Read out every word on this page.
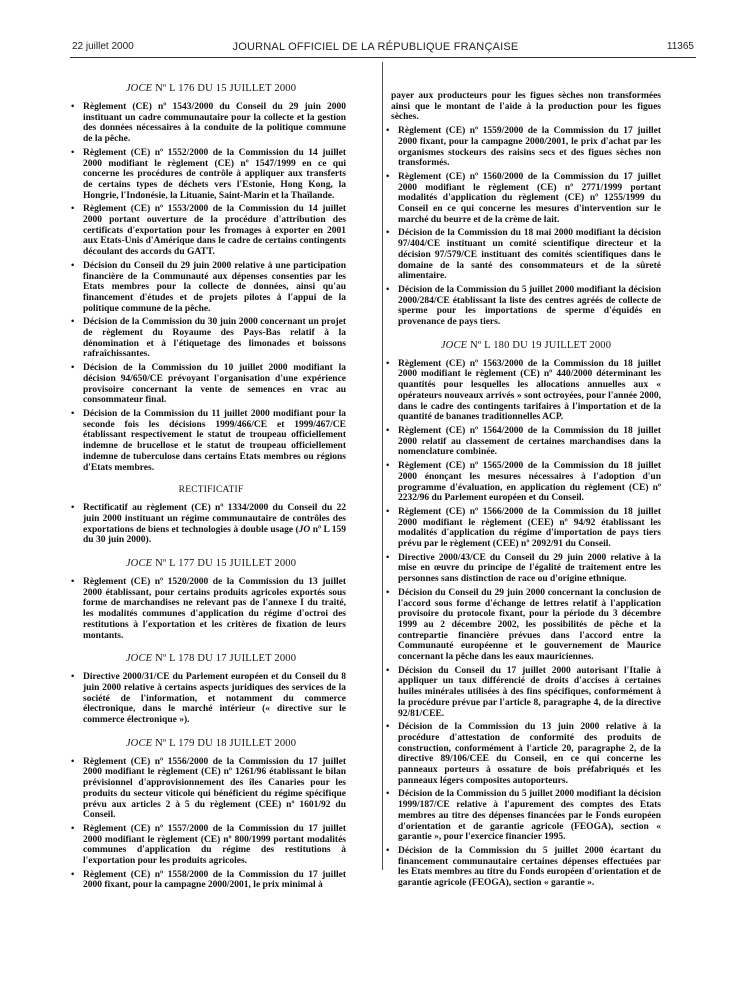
22 juillet 2000	JOURNAL OFFICIEL DE LA RÉPUBLIQUE FRANÇAISE	11365
JOCE Nº L 176 DU 15 JUILLET 2000
• Règlement (CE) nº 1543/2000 du Conseil du 29 juin 2000 instituant un cadre communautaire pour la collecte et la gestion des données nécessaires à la conduite de la politique commune de la pêche.
• Règlement (CE) nº 1552/2000 de la Commission du 14 juillet 2000 modifiant le règlement (CE) nº 1547/1999 en ce qui concerne les procédures de contrôle à appliquer aux transferts de certains types de déchets vers l'Estonie, Hong Kong, la Hongrie, l'Indonésie, la Lituanie, Saint-Marin et la Thaïlande.
• Règlement (CE) nº 1553/2000 de la Commission du 14 juillet 2000 portant ouverture de la procédure d'attribution des certificats d'exportation pour les fromages à exporter en 2001 aux Etats-Unis d'Amérique dans le cadre de certains contingents découlant des accords du GATT.
• Décision du Conseil du 29 juin 2000 relative à une participation financière de la Communauté aux dépenses consenties par les Etats membres pour la collecte de données, ainsi qu'au financement d'études et de projets pilotes à l'appui de la politique commune de la pêche.
• Décision de la Commission du 30 juin 2000 concernant un projet de règlement du Royaume des Pays-Bas relatif à la dénomination et à l'étiquetage des limonades et boissons rafraîchissantes.
• Décision de la Commission du 10 juillet 2000 modifiant la décision 94/650/CE prévoyant l'organisation d'une expérience provisoire concernant la vente de semences en vrac au consommateur final.
• Décision de la Commission du 11 juillet 2000 modifiant pour la seconde fois les décisions 1999/466/CE et 1999/467/CE établissant respectivement le statut de troupeau officiellement indemne de brucellose et le statut de troupeau officiellement indemne de tuberculose dans certains Etats membres ou régions d'Etats membres.
RECTIFICATIF
• Rectificatif au règlement (CE) nº 1334/2000 du Conseil du 22 juin 2000 instituant un régime communautaire de contrôles des exportations de biens et technologies à double usage (JO nº L 159 du 30 juin 2000).
JOCE Nº L 177 DU 15 JUILLET 2000
• Règlement (CE) nº 1520/2000 de la Commission du 13 juillet 2000 établissant, pour certains produits agricoles exportés sous forme de marchandises ne relevant pas de l'annexe I du traité, les modalités communes d'application du régime d'octroi des restitutions à l'exportation et les critères de fixation de leurs montants.
JOCE Nº L 178 DU 17 JUILLET 2000
• Directive 2000/31/CE du Parlement européen et du Conseil du 8 juin 2000 relative à certains aspects juridiques des services de la société de l'information, et notamment du commerce électronique, dans le marché intérieur (« directive sur le commerce électronique »).
JOCE Nº L 179 DU 18 JUILLET 2000
• Règlement (CE) nº 1556/2000 de la Commission du 17 juillet 2000 modifiant le règlement (CE) nº 1261/96 établissant le bilan prévisionnel d'approvisionnement des îles Canaries pour les produits du secteur viticole qui bénéficient du régime spécifique prévu aux articles 2 à 5 du règlement (CEE) nº 1601/92 du Conseil.
• Règlement (CE) nº 1557/2000 de la Commission du 17 juillet 2000 modifiant le règlement (CE) nº 800/1999 portant modalités communes d'application du régime des restitutions à l'exportation pour les produits agricoles.
• Règlement (CE) nº 1558/2000 de la Commission du 17 juillet 2000 fixant, pour la campagne 2000/2001, le prix minimal à
payer aux producteurs pour les figues sèches non transformées ainsi que le montant de l'aide à la production pour les figues sèches.
• Règlement (CE) nº 1559/2000 de la Commission du 17 juillet 2000 fixant, pour la campagne 2000/2001, le prix d'achat par les organismes stockeurs des raisins secs et des figues sèches non transformés.
• Règlement (CE) nº 1560/2000 de la Commission du 17 juillet 2000 modifiant le règlement (CE) nº 2771/1999 portant modalités d'application du règlement (CE) nº 1255/1999 du Conseil en ce qui concerne les mesures d'intervention sur le marché du beurre et de la crème de lait.
• Décision de la Commission du 18 mai 2000 modifiant la décision 97/404/CE instituant un comité scientifique directeur et la décision 97/579/CE instituant des comités scientifiques dans le domaine de la santé des consommateurs et de la sûreté alimentaire.
• Décision de la Commission du 5 juillet 2000 modifiant la décision 2000/284/CE établissant la liste des centres agréés de collecte de sperme pour les importations de sperme d'équidés en provenance de pays tiers.
JOCE Nº L 180 DU 19 JUILLET 2000
• Règlement (CE) nº 1563/2000 de la Commission du 18 juillet 2000 modifiant le règlement (CE) nº 440/2000 déterminant les quantités pour lesquelles les allocations annuelles aux « opérateurs nouveaux arrivés » sont octroyées, pour l'année 2000, dans le cadre des contingents tarifaires à l'importation et de la quantité de bananes traditionnelles ACP.
• Règlement (CE) nº 1564/2000 de la Commission du 18 juillet 2000 relatif au classement de certaines marchandises dans la nomenclature combinée.
• Règlement (CE) nº 1565/2000 de la Commission du 18 juillet 2000 énonçant les mesures nécessaires à l'adoption d'un programme d'évaluation, en application du règlement (CE) nº 2232/96 du Parlement européen et du Conseil.
• Règlement (CE) nº 1566/2000 de la Commission du 18 juillet 2000 modifiant le règlement (CEE) nº 94/92 établissant les modalités d'application du régime d'importation de pays tiers prévu par le règlement (CEE) nº 2092/91 du Conseil.
• Directive 2000/43/CE du Conseil du 29 juin 2000 relative à la mise en œuvre du principe de l'égalité de traitement entre les personnes sans distinction de race ou d'origine ethnique.
• Décision du Conseil du 29 juin 2000 concernant la conclusion de l'accord sous forme d'échange de lettres relatif à l'application provisoire du protocole fixant, pour la période du 3 décembre 1999 au 2 décembre 2002, les possibilités de pêche et la contrepartie financière prévues dans l'accord entre la Communauté européenne et le gouvernement de Maurice concernant la pêche dans les eaux mauriciennes.
• Décision du Conseil du 17 juillet 2000 autorisant l'Italie à appliquer un taux différencié de droits d'accises à certaines huiles minérales utilisées à des fins spécifiques, conformément à la procédure prévue par l'article 8, paragraphe 4, de la directive 92/81/CEE.
• Décision de la Commission du 13 juin 2000 relative à la procédure d'attestation de conformité des produits de construction, conformément à l'article 20, paragraphe 2, de la directive 89/106/CEE du Conseil, en ce qui concerne les panneaux porteurs à ossature de bois préfabriqués et les panneaux légers composites autoporteurs.
• Décision de la Commission du 5 juillet 2000 modifiant la décision 1999/187/CE relative à l'apurement des comptes des Etats membres au titre des dépenses financées par le Fonds européen d'orientation et de garantie agricole (FEOGA), section « garantie », pour l'exercice financier 1995.
• Décision de la Commission du 5 juillet 2000 écartant du financement communautaire certaines dépenses effectuées par les Etats membres au titre du Fonds européen d'orientation et de garantie agricole (FEOGA), section « garantie ».
